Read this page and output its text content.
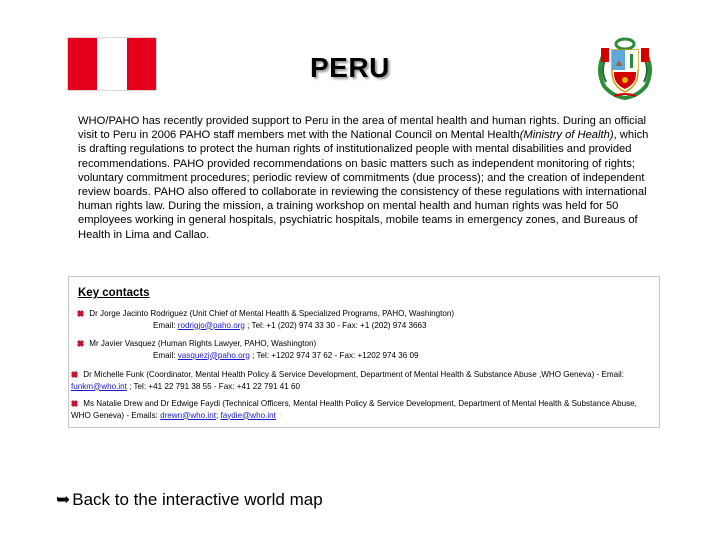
PERU
WHO/PAHO has recently provided support to Peru in the area of mental health and human rights. During an official visit to Peru in 2006 PAHO staff members met with the National Council on Mental Health(Ministry of Health), which is drafting regulations to protect the human rights of institutionalized people with mental disabilities and provided recommendations. PAHO provided recommendations on basic matters such as independent monitoring of rights; voluntary commitment procedures; periodic review of commitments (due process); and the creation of independent review boards. PAHO also offered to collaborate in reviewing the consistency of these regulations with international human rights law. During the mission, a training workshop on mental health and human rights was held for 50 employees working in general hospitals, psychiatric hospitals, mobile teams in emergency zones, and Bureaus of Health in Lima and Callao.
Key contacts
Dr Jorge Jacinto Rodriguez (Unit Chief of Mental Health & Specialized Programs, PAHO, Washington)
Email: rodrigjo@paho.org ; Tel: +1 (202) 974 33 30 - Fax: +1 (202) 974 3663
Mr Javier Vasquez (Human Rights Lawyer, PAHO, Washington)
Email: vasquezj@paho.org ; Tel: +1202 974 37 62 - Fax: +1202 974 36 09
Dr Michelle Funk (Coordinator, Mental Health Policy & Service Development, Department of Mental Health & Substance Abuse ,WHO Geneva) - Email: funkm@who.int ; Tel: +41 22 791 38 55 - Fax: +41 22 791 41 60
Ms Natalie Drew and Dr Edwige Faydi (Technical Officers, Mental Health Policy & Service Development, Department of Mental Health & Substance Abuse, WHO Geneva) - Emails: drewn@who.int; faydie@who.int
➥ Back to the interactive world map
